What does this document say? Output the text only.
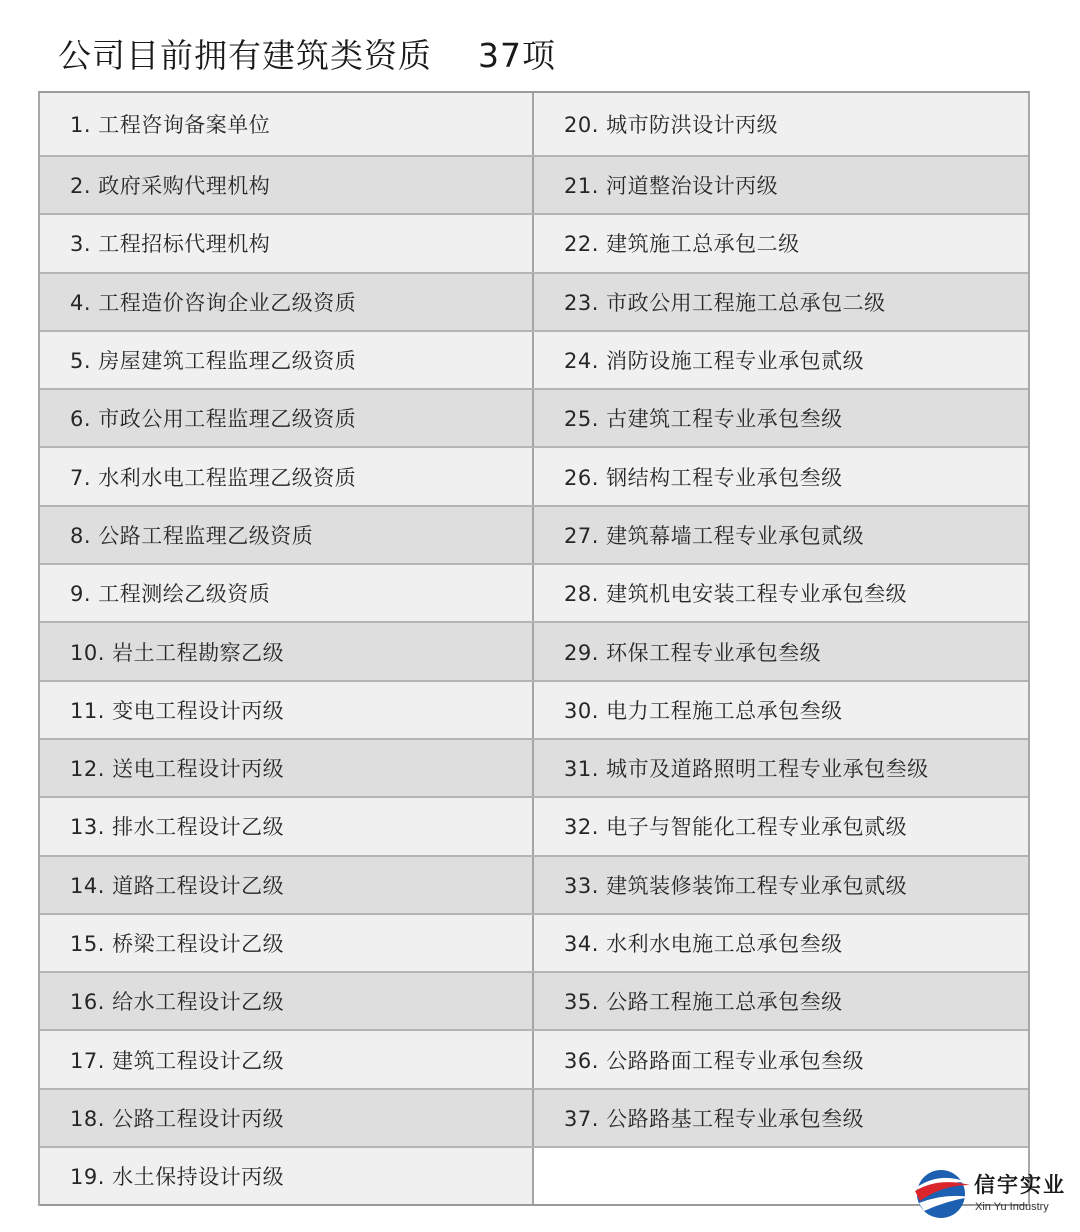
公司目前拥有建筑类资质    37项
1. 工程咨询备案单位	20. 城市防洪设计丙级
2. 政府采购代理机构	21. 河道整治设计丙级
3. 工程招标代理机构	22. 建筑施工总承包二级
4. 工程造价咨询企业乙级资质	23. 市政公用工程施工总承包二级
5. 房屋建筑工程监理乙级资质	24. 消防设施工程专业承包贰级
6. 市政公用工程监理乙级资质	25. 古建筑工程专业承包叁级
7. 水利水电工程监理乙级资质	26. 钢结构工程专业承包叁级
8. 公路工程监理乙级资质	27. 建筑幕墙工程专业承包贰级
9. 工程测绘乙级资质	28. 建筑机电安装工程专业承包叁级
10. 岩土工程勘察乙级	29. 环保工程专业承包叁级
11. 变电工程设计丙级	30. 电力工程施工总承包叁级
12. 送电工程设计丙级	31. 城市及道路照明工程专业承包叁级
13. 排水工程设计乙级	32. 电子与智能化工程专业承包贰级
14. 道路工程设计乙级	33. 建筑装修装饰工程专业承包贰级
15. 桥梁工程设计乙级	34. 水利水电施工总承包叁级
16. 给水工程设计乙级	35. 公路工程施工总承包叁级
17. 建筑工程设计乙级	36. 公路路面工程专业承包叁级
18. 公路工程设计丙级	37. 公路路基工程专业承包叁级
19. 水土保持设计丙级	信宇实业
Xin Yu Industry
